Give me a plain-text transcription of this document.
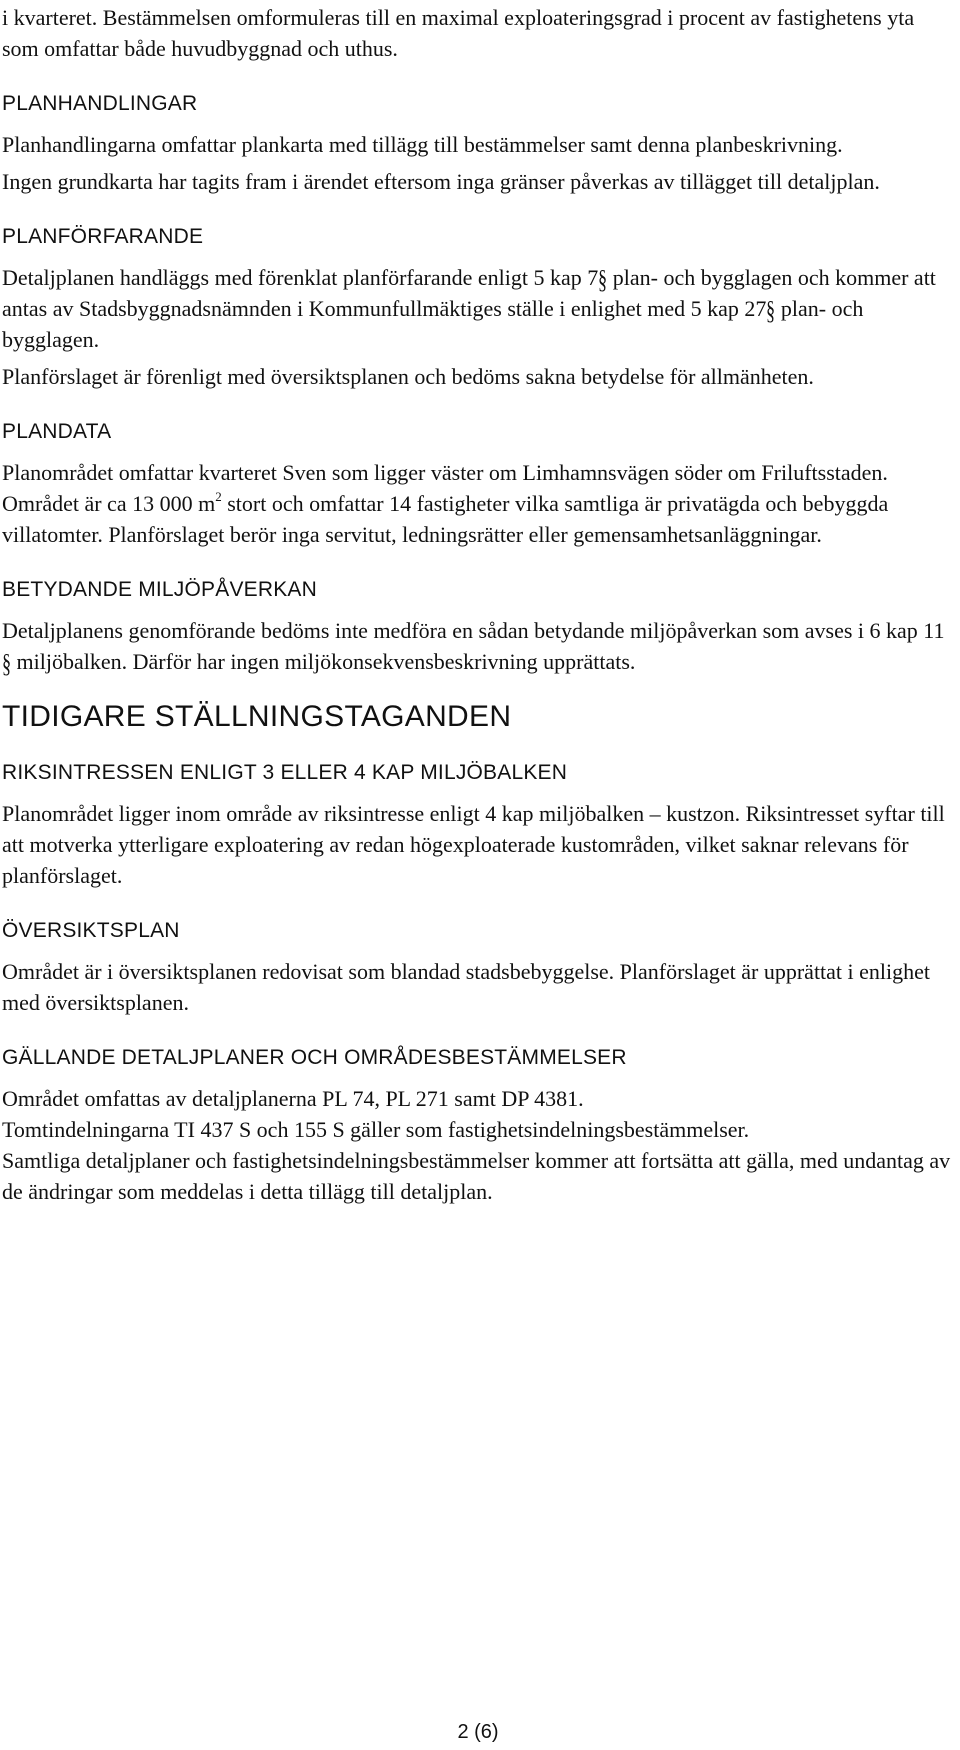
i kvarteret. Bestämmelsen omformuleras till en maximal exploateringsgrad i procent av fastighetens yta som omfattar både huvudbyggnad och uthus.

PLANHANDLINGAR

Planhandlingarna omfattar plankarta med tillägg till bestämmelser samt denna planbeskrivning.

Ingen grundkarta har tagits fram i ärendet eftersom inga gränser påverkas av tillägget till detaljplan.

PLANFÖRFARANDE

Detaljplanen handläggs med förenklat planförfarande enligt 5 kap 7§ plan- och bygglagen och kommer att antas av Stadsbyggnadsnämnden i Kommunfullmäktiges ställe i enlighet med 5 kap 27§ plan- och bygglagen.

Planförslaget är förenligt med översiktsplanen och bedöms sakna betydelse för allmänheten.

PLANDATA

Planområdet omfattar kvarteret Sven som ligger väster om Limhamnsvägen söder om Friluftsstaden. Området är ca 13 000 $m^2$ stort och omfattar 14 fastigheter vilka samtliga är privatägda och bebyggda villatomter. Planförslaget berör inga servitut, ledningsrätter eller gemensamhetsanläggningar.

BETYDANDE MILJÖPÅVERKAN

Detaljplanens genomförande bedöms inte medföra en sådan betydande miljöpåverkan som avses i 6 kap 11§ miljöbalken. Därför har ingen miljökonsekvensbeskrivning upprättats.

TIDIGARE STÄLLNINGSTAGANDEN
RIKSINTRESSEN ENLIGT 3 ELLER 4 KAP MILJÖBALKEN

Planområdet ligger inom område av riksintresse enligt 4 kap miljöbalken – kustzon. Riksintresset syftar till att motverka ytterligare exploatering av redan högexploaterade kustområden, vilket saknar relevans för planförslaget.

ÖVERSIKTSPLAN

Området är i översiktsplanen redovisat som blandad stadsbebyggelse. Planförslaget är upprättat i enlighet med översiktsplanen.

GÄLLANDE DETALJPLANER OCH OMRÅDESBESTÄMMELSER

Området omfattas av detaljplanerna PL 74, PL 271 samt DP 4381.
Tomtindelningarna TI 437 S och 155 S gäller som fastighetsindelningsbestämmelser.
Samtliga detaljplaner och fastighetsindelningsbestämmelser kommer att fortsätta att gälla, med undantag av de ändringar som meddelas i detta tillägg till detaljplan.

2 (6)
